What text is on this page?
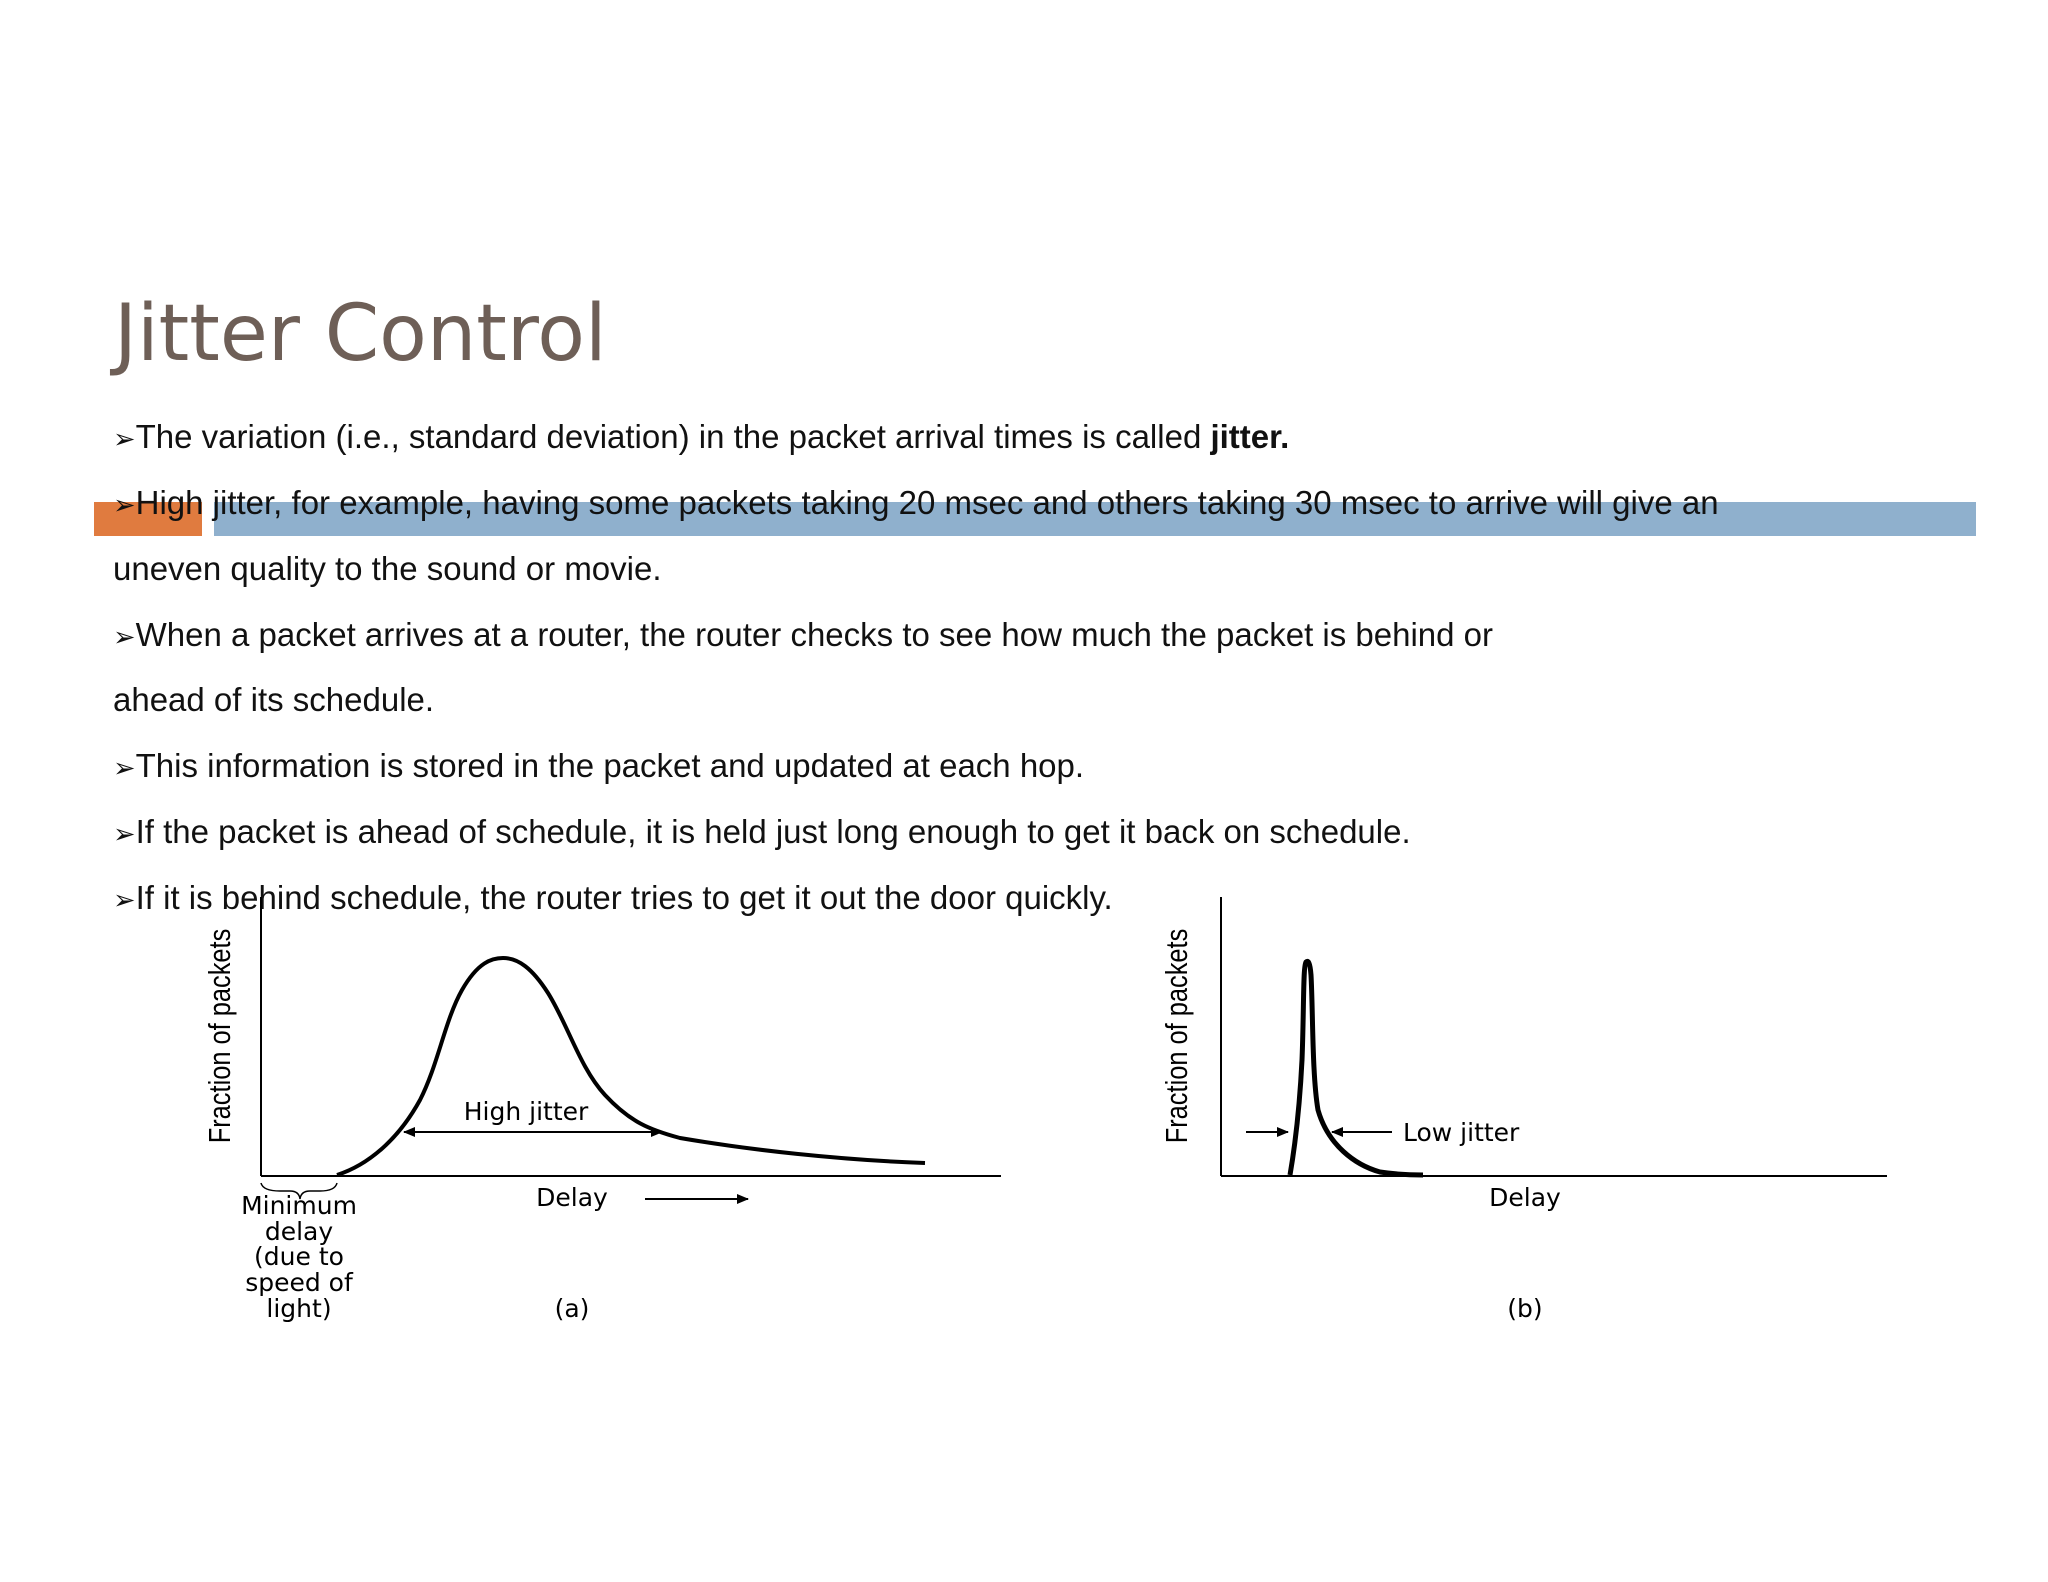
Jitter Control

➢The variation (i.e., standard deviation) in the packet arrival times is called jitter.

➢High jitter, for example, having some packets taking 20 msec and others taking 30 msec to arrive will give an

uneven quality to the sound or movie.

➢When a packet arrives at a router, the router checks to see how much the packet is behind or

ahead of its schedule.

➢This information is stored in the packet and updated at each hop.

➢If the packet is ahead of schedule, it is held just long enough to get it back on schedule.

➢If it is behind schedule, the router tries to get it out the door quickly.

Fraction of packets	High jitter
Minimum
delay
(due to
speed of
light)
Delay
(a)
Fraction of packets	Low jitter
Delay
(b)
